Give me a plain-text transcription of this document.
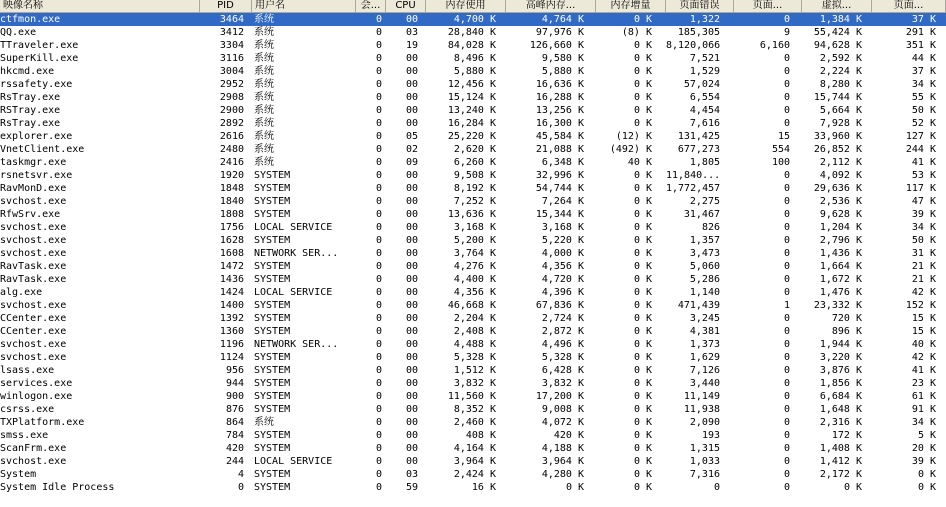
映像名称	PID	用户名	会...	CPU	内存使用	高峰内存...	内存增量	页面错误	页面...	虚拟...	页面...
ctfmon.exe	3464 系统	0	00	4,700 K	4,764 K	0 K	1,322	0	1,384 K	37 K
QQ.exe	3412 系统	0	03	28,840 K	97,976 K	(8) K	185,305	9	55,424 K	291 K
TTraveler.exe	3304 系统	0	19	84,028 K	126,660 K	0 K 8,120,066	6,160	94,628 K	351 K
SuperKill.exe	3116 系统	0	00	8,496 K	9,580 K	0 K	7,521	0	2,592 K	44 K
hkcmd.exe	3004 系统	0	00	5,880 K	5,880 K	0 K	1,529	0	2,224 K	37 K
rssafety.exe	2952 系统	0	00	12,456 K	16,636 K	0 K	57,024	0	8,280 K	34 K
RsTray.exe	2908 系统	0	00	15,124 K	16,288 K	0 K	6,554	0	15,744 K	55 K
RSTray.exe	2900 系统	0	00	13,240 K	13,256 K	0 K	4,454	0	5,664 K	50 K
RsTray.exe	2892 系统	0	00	16,284 K	16,300 K	0 K	7,616	0	7,928 K	52 K
explorer.exe	2616 系统	0	05	25,220 K	45,584 K	(12) K	131,425	15	33,960 K	127 K
VnetClient.exe	2480 系统	0	02	2,620 K	21,088 K	(492) K	677,273	554	26,852 K	244 K
taskmgr.exe	2416 系统	0	09	6,260 K	6,348 K	40 K	1,805	100	2,112 K	41 K
rsnetsvr.exe	1920 SYSTEM	0	00	9,508 K	32,996 K	0 K 11,840...	0	4,092 K	53 K
RavMonD.exe	1848 SYSTEM	0	00	8,192 K	54,744 K	0 K 1,772,457	0	29,636 K	117 K
svchost.exe	1840 SYSTEM	0	00	7,252 K	7,264 K	0 K	2,275	0	2,536 K	47 K
RfwSrv.exe	1808 SYSTEM	0	00	13,636 K	15,344 K	0 K	31,467	0	9,628 K	39 K
svchost.exe	1756 LOCAL SERVICE	0	00	3,168 K	3,168 K	0 K	826	0	1,204 K	34 K
svchost.exe	1628 SYSTEM	0	00	5,200 K	5,220 K	0 K	1,357	0	2,796 K	50 K
svchost.exe	1608 NETWORK SER...	0	00	3,764 K	4,000 K	0 K	3,473	0	1,436 K	31 K
RavTask.exe	1472 SYSTEM	0	00	4,276 K	4,356 K	0 K	5,060	0	1,664 K	21 K
RavTask.exe	1436 SYSTEM	0	00	4,400 K	4,720 K	0 K	5,286	0	1,672 K	21 K
alg.exe	1424 LOCAL SERVICE	0	00	4,356 K	4,396 K	0 K	1,140	0	1,476 K	42 K
svchost.exe	1400 SYSTEM	0	00	46,668 K	67,836 K	0 K	471,439	1	23,332 K	152 K
CCenter.exe	1392 SYSTEM	0	00	2,204 K	2,724 K	0 K	3,245	0	720 K	15 K
CCenter.exe	1360 SYSTEM	0	00	2,408 K	2,872 K	0 K	4,381	0	896 K	15 K
svchost.exe	1196 NETWORK SER...	0	00	4,488 K	4,496 K	0 K	1,373	0	1,944 K	40 K
svchost.exe	1124 SYSTEM	0	00	5,328 K	5,328 K	0 K	1,629	0	3,220 K	42 K
lsass.exe	956 SYSTEM	0	00	1,512 K	6,428 K	0 K	7,126	0	3,876 K	41 K
services.exe	944 SYSTEM	0	00	3,832 K	3,832 K	0 K	3,440	0	1,856 K	23 K
winlogon.exe	900 SYSTEM	0	00	11,560 K	17,200 K	0 K	11,149	0	6,684 K	61 K
csrss.exe	876 SYSTEM	0	00	8,352 K	9,008 K	0 K	11,938	0	1,648 K	91 K
TXPlatform.exe	864 系统	0	00	2,460 K	4,072 K	0 K	2,090	0	2,316 K	34 K
smss.exe	784 SYSTEM	0	00	408 K	420 K	0 K	193	0	172 K	5 K
ScanFrm.exe	420 SYSTEM	0	00	4,164 K	4,188 K	0 K	1,315	0	1,408 K	20 K
svchost.exe	244 LOCAL SERVICE	0	00	3,964 K	3,964 K	0 K	1,033	0	1,412 K	39 K
System	4 SYSTEM	0	03	2,424 K	4,280 K	0 K	7,316	0	2,172 K	0 K
System Idle Process	0 SYSTEM	0	59	16 K	0 K	0 K	0	0	0 K	0 K
